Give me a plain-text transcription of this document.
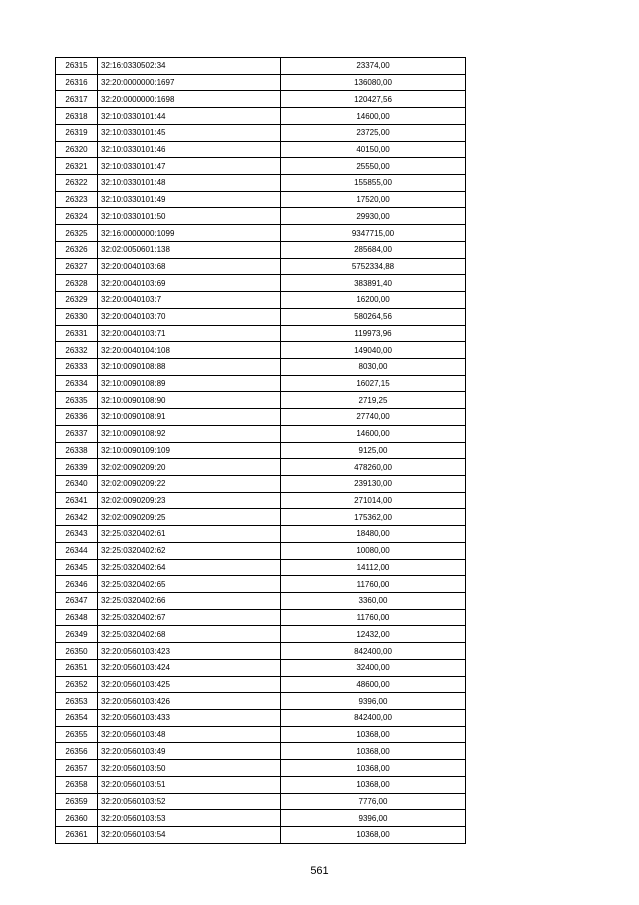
26315	32:16:0330502:34	23374,00
26316	32:20:0000000:1697	136080,00
26317	32:20:0000000:1698	120427,56
26318	32:10:0330101:44	14600,00
26319	32:10:0330101:45	23725,00
26320	32:10:0330101:46	40150,00
26321	32:10:0330101:47	25550,00
26322	32:10:0330101:48	155855,00
26323	32:10:0330101:49	17520,00
26324	32:10:0330101:50	29930,00
26325	32:16:0000000:1099	9347715,00
26326	32:02:0050601:138	285684,00
26327	32:20:0040103:68	5752334,88
26328	32:20:0040103:69	383891,40
26329	32:20:0040103:7	16200,00
26330	32:20:0040103:70	580264,56
26331	32:20:0040103:71	119973,96
26332	32:20:0040104:108	149040,00
26333	32:10:0090108:88	8030,00
26334	32:10:0090108:89	16027,15
26335	32:10:0090108:90	2719,25
26336	32:10:0090108:91	27740,00
26337	32:10:0090108:92	14600,00
26338	32:10:0090109:109	9125,00
26339	32:02:0090209:20	478260,00
26340	32:02:0090209:22	239130,00
26341	32:02:0090209:23	271014,00
26342	32:02:0090209:25	175362,00
26343	32:25:0320402:61	18480,00
26344	32:25:0320402:62	10080,00
26345	32:25:0320402:64	14112,00
26346	32:25:0320402:65	11760,00
26347	32:25:0320402:66	3360,00
26348	32:25:0320402:67	11760,00
26349	32:25:0320402:68	12432,00
26350	32:20:0560103:423	842400,00
26351	32:20:0560103:424	32400,00
26352	32:20:0560103:425	48600,00
26353	32:20:0560103:426	9396,00
26354	32:20:0560103:433	842400,00
26355	32:20:0560103:48	10368,00
26356	32:20:0560103:49	10368,00
26357	32:20:0560103:50	10368,00
26358	32:20:0560103:51	10368,00
26359	32:20:0560103:52	7776,00
26360	32:20:0560103:53	9396,00
26361	32:20:0560103:54	10368,00
561
